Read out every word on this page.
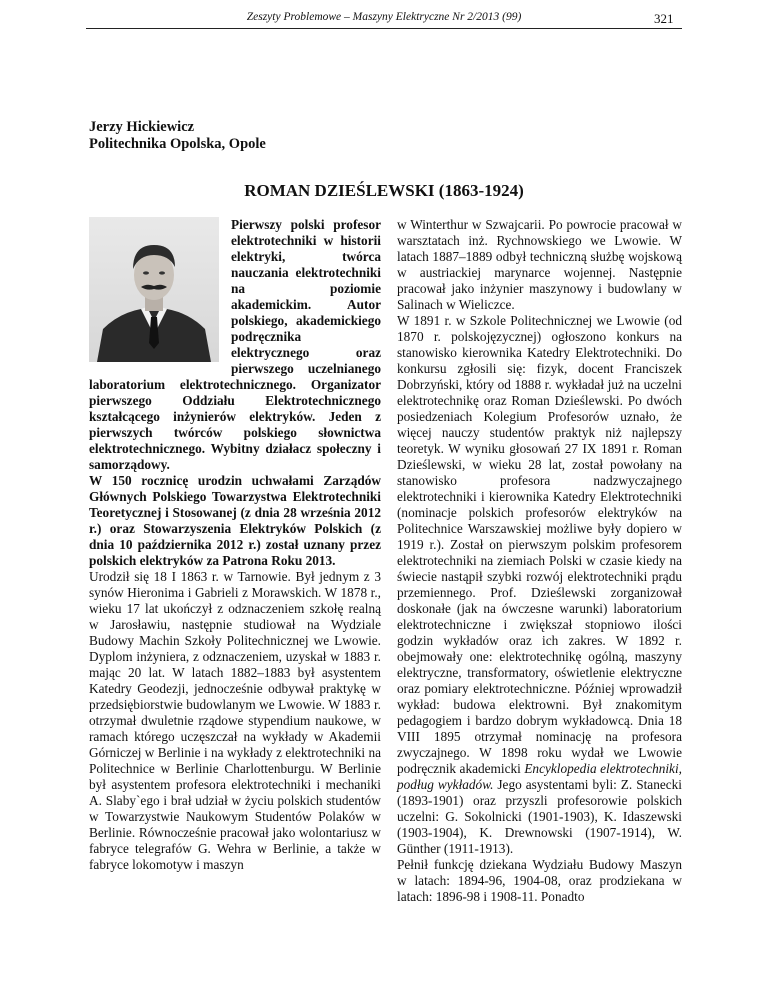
Zeszyty Problemowe – Maszyny Elektryczne Nr 2/2013 (99)	321
Jerzy Hickiewicz
Politechnika Opolska, Opole
ROMAN DZIEŚLEWSKI (1863-1924)

Pierwszy polski profesor elektrotechniki w historii elektryki, twórca nauczania elektrotechniki na poziomie akademickim. Autor polskiego, akademickiego podręcznika elektrycznego oraz pierwszego uczelnianego laboratorium elektrotechnicznego. Organizator pierwszego Oddziału Elektrotechnicznego kształcącego inżynierów elektryków. Jeden z pierwszych twórców polskiego słownictwa elektrotechnicznego. Wybitny działacz społeczny i samorządowy.

W 150 rocznicę urodzin uchwałami Zarządów Głównych Polskiego Towarzystwa Elektrotechniki Teoretycznej i Stosowanej (z dnia 28 września 2012 r.) oraz Stowarzyszenia Elektryków Polskich (z dnia 10 października 2012 r.) został uznany przez polskich elektryków za Patrona Roku 2013.

Urodził się 18 I 1863 r. w Tarnowie. Był jednym z 3 synów Hieronima i Gabrieli z Morawskich. W 1878 r., wieku 17 lat ukończył z odznaczeniem szkołę realną w Jarosławiu, następnie studiował na Wydziale Budowy Machin Szkoły Politechnicznej we Lwowie. Dyplom inżyniera, z odznaczeniem, uzyskał w 1883 r. mając 20 lat. W latach 1882–1883 był asystentem Katedry Geodezji, jednocześnie odbywał praktykę w przedsiębiorstwie budowlanym we Lwowie. W 1883 r. otrzymał dwuletnie rządowe stypendium naukowe, w ramach którego uczęszczał na wykłady w Akademii Górniczej w Berlinie i na wykłady z elektrotechniki na Politechnice w Berlinie Charlottenburgu. W Berlinie był asystentem profesora elektrotechniki i mechaniki A. Slaby`ego i brał udział w życiu polskich studentów w Towarzystwie Naukowym Studentów Polaków w Berlinie. Równocześnie pracował jako wolontariusz w fabryce telegrafów G. Wehra w Berlinie, a także w fabryce lokomotyw i maszyn

w Winterthur w Szwajcarii. Po powrocie pracował w warsztatach inż. Rychnowskiego we Lwowie. W latach 1887–1889 odbył techniczną służbę wojskową w austriackiej marynarce wojennej. Następnie pracował jako inżynier maszynowy i budowlany w Salinach w Wieliczce.

W 1891 r. w Szkole Politechnicznej we Lwowie (od 1870 r. polskojęzycznej) ogłoszono konkurs na stanowisko kierownika Katedry Elektrotechniki. Do konkursu zgłosili się: fizyk, docent Franciszek Dobrzyński, który od 1888 r. wykładał już na uczelni elektrotechnikę oraz Roman Dzieślewski. Po dwóch posiedzeniach Kolegium Profesorów uznało, że więcej nauczy studentów praktyk niż najlepszy teoretyk. W wyniku głosowań 27 IX 1891 r. Roman Dzieślewski, w wieku 28 lat, został powołany na stanowisko profesora nadzwyczajnego elektrotechniki i kierownika Katedry Elektrotechniki (nominacje polskich profesorów elektryków na Politechnice Warszawskiej możliwe były dopiero w 1919 r.). Został on pierwszym polskim profesorem elektrotechniki na ziemiach Polski w czasie kiedy na świecie nastąpił szybki rozwój elektrotechniki prądu przemiennego. Prof. Dzieślewski zorganizował doskonałe (jak na ówczesne warunki) laboratorium elektrotechniczne i zwiększał stopniowo ilości godzin wykładów oraz ich zakres. W 1892 r. obejmowały one: elektrotechnikę ogólną, maszyny elektryczne, transformatory, oświetlenie elektryczne oraz pomiary elektrotechniczne. Później wprowadził wykład: budowa elektrowni. Był znakomitym pedagogiem i bardzo dobrym wykładowcą. Dnia 18 VIII 1895 otrzymał nominację na profesora zwyczajnego. W 1898 roku wydał we Lwowie podręcznik akademicki Encyklopedia elektrotechniki, podług wykładów. Jego asystentami byli: Z. Stanecki (1893-1901) oraz przyszli profesorowie polskich uczelni: G. Sokolnicki (1901-1903), K. Idaszewski (1903-1904), K. Drewnowski (1907-1914), W. Günther (1911-1913).

Pełnił funkcję dziekana Wydziału Budowy Maszyn w latach: 1894-96, 1904-08, oraz prodziekana w latach: 1896-98 i 1908-11. Ponadto
